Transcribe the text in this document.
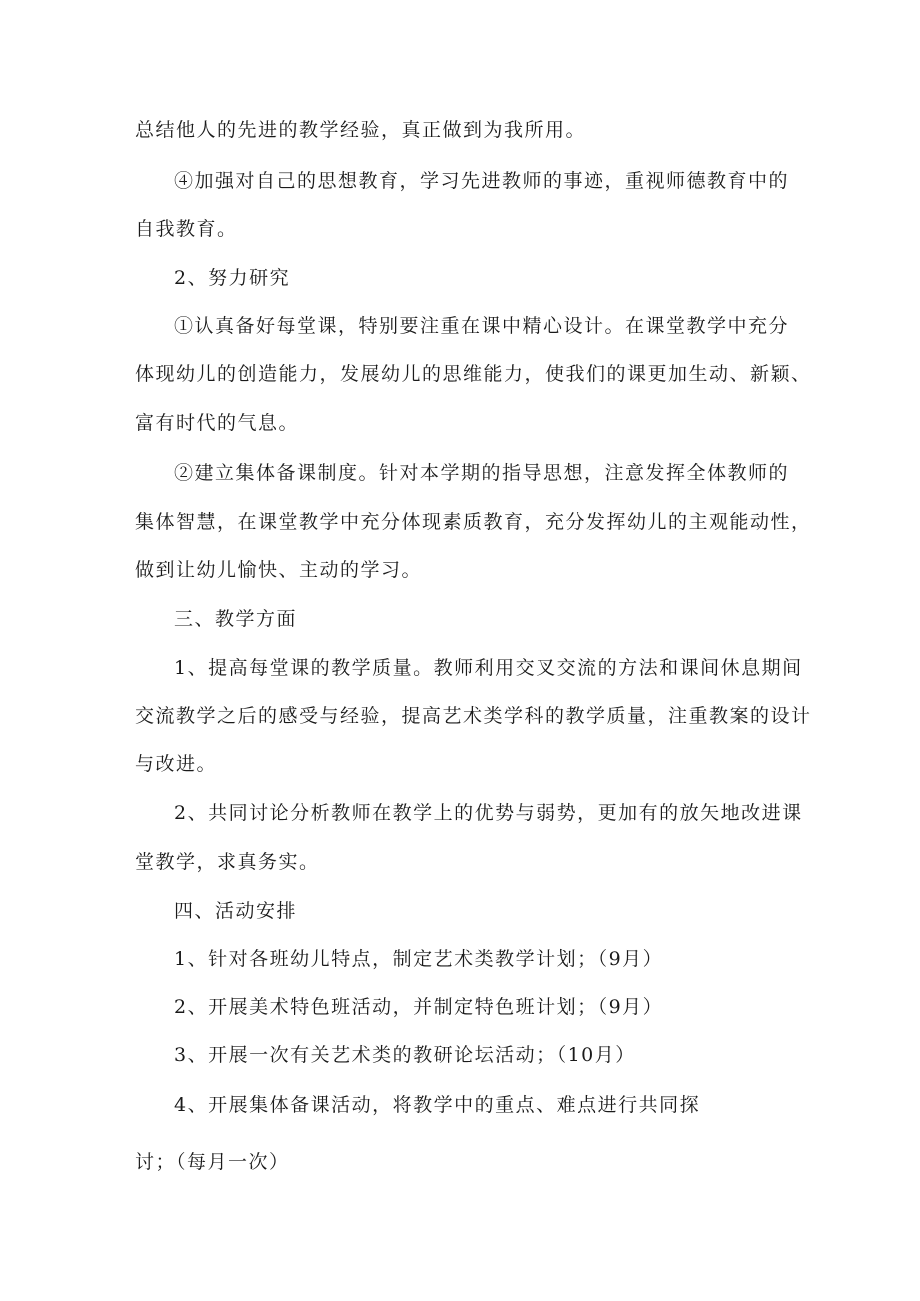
总结他人的先进的教学经验，真正做到为我所用。
④加强对自己的思想教育，学习先进教师的事迹，重视师德教育中的
自我教育。
2、努力研究
①认真备好每堂课，特别要注重在课中精心设计。在课堂教学中充分
体现幼儿的创造能力，发展幼儿的思维能力，使我们的课更加生动、新颖、
富有时代的气息。
②建立集体备课制度。针对本学期的指导思想，注意发挥全体教师的
集体智慧，在课堂教学中充分体现素质教育，充分发挥幼儿的主观能动性，
做到让幼儿愉快、主动的学习。
三、教学方面
1、提高每堂课的教学质量。教师利用交叉交流的方法和课间休息期间
交流教学之后的感受与经验，提高艺术类学科的教学质量，注重教案的设计
与改进。
2、共同讨论分析教师在教学上的优势与弱势，更加有的放矢地改进课
堂教学，求真务实。
四、活动安排
1、针对各班幼儿特点，制定艺术类教学计划；（9月）
2、开展美术特色班活动，并制定特色班计划；（9月）
3、开展一次有关艺术类的教研论坛活动；（10月）
4、开展集体备课活动，将教学中的重点、难点进行共同探
讨；（每月一次）
